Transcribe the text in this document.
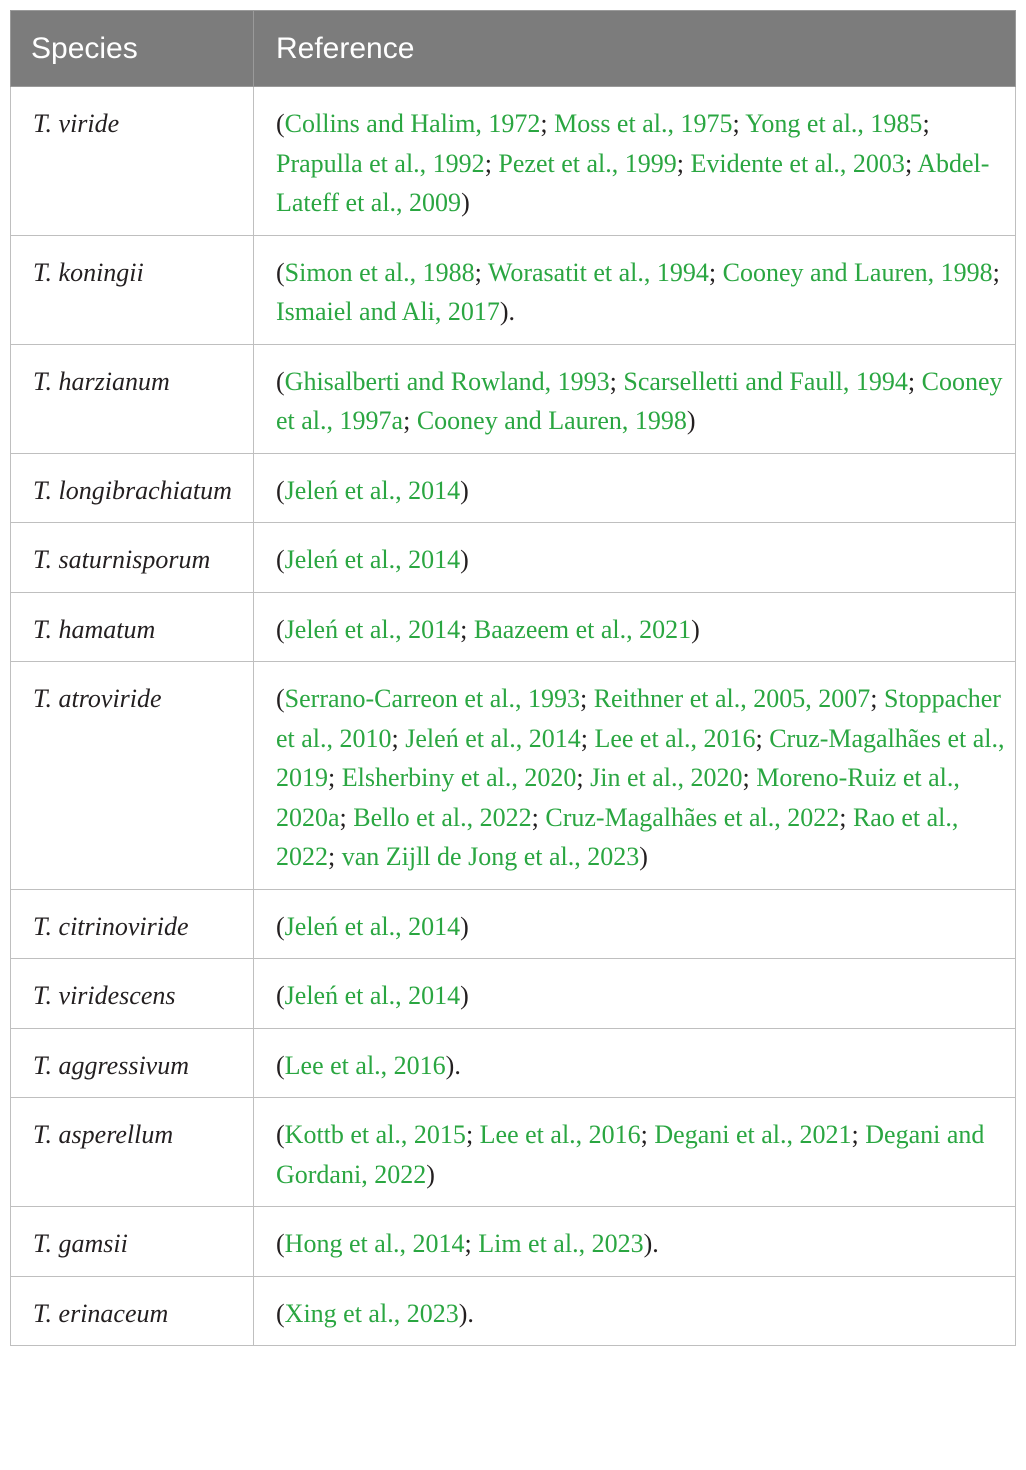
Species	Reference
T. viride	(Collins and Halim, 1972; Moss et al., 1975; Yong et al., 1985; Prapulla et al., 1992; Pezet et al., 1999; Evidente et al., 2003; Abdel-Lateff et al., 2009)
T. koningii	(Simon et al., 1988; Worasatit et al., 1994; Cooney and Lauren, 1998; Ismaiel and Ali, 2017).
T. harzianum	(Ghisalberti and Rowland, 1993; Scarselletti and Faull, 1994; Cooney et al., 1997a; Cooney and Lauren, 1998)
T. longibrachiatum	(Jeleń et al., 2014)
T. saturnisporum	(Jeleń et al., 2014)
T. hamatum	(Jeleń et al., 2014; Baazeem et al., 2021)
T. atroviride	(Serrano-Carreon et al., 1993; Reithner et al., 2005, 2007; Stoppacher et al., 2010; Jeleń et al., 2014; Lee et al., 2016; Cruz-Magalhães et al., 2019; Elsherbiny et al., 2020; Jin et al., 2020; Moreno-Ruiz et al., 2020a; Bello et al., 2022; Cruz-Magalhães et al., 2022; Rao et al., 2022; van Zijll de Jong et al., 2023)
T. citrinoviride	(Jeleń et al., 2014)
T. viridescens	(Jeleń et al., 2014)
T. aggressivum	(Lee et al., 2016).
T. asperellum	(Kottb et al., 2015; Lee et al., 2016; Degani et al., 2021; Degani and Gordani, 2022)
T. gamsii	(Hong et al., 2014; Lim et al., 2023).
T. erinaceum	(Xing et al., 2023).
